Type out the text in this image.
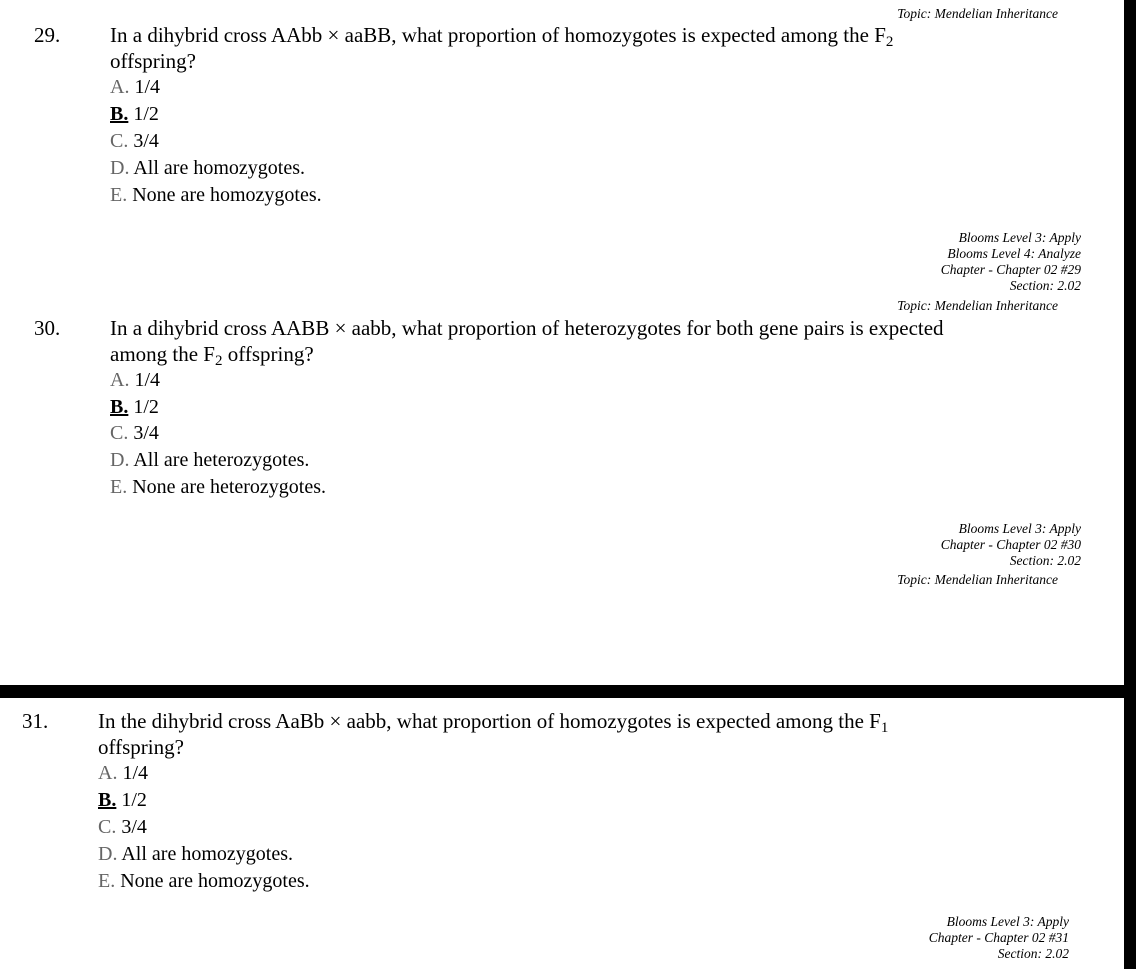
Topic: Mendelian Inheritance
29. In a dihybrid cross AAbb × aaBB, what proportion of homozygotes is expected among the $F_2$
offspring?
A. 1/4
B. 1/2
C. 3/4
D. All are homozygotes.
E. None are homozygotes.
Blooms Level 3: Apply
Blooms Level 4: Analyze
Chapter - Chapter 02 #29
Section: 2.02
Topic: Mendelian Inheritance
30. In a dihybrid cross AABB × aabb, what proportion of heterozygotes for both gene pairs is expected
among the $F_2$ offspring?
A. 1/4
B. 1/2
C. 3/4
D. All are heterozygotes.
E. None are heterozygotes.
Blooms Level 3: Apply
Chapter - Chapter 02 #30
Section: 2.02
Topic: Mendelian Inheritance
31. In the dihybrid cross AaBb × aabb, what proportion of homozygotes is expected among the $F_1$
offspring?
A. 1/4
B. 1/2
C. 3/4
D. All are homozygotes.
E. None are homozygotes.
Blooms Level 3: Apply
Chapter - Chapter 02 #31
Section: 2.02
